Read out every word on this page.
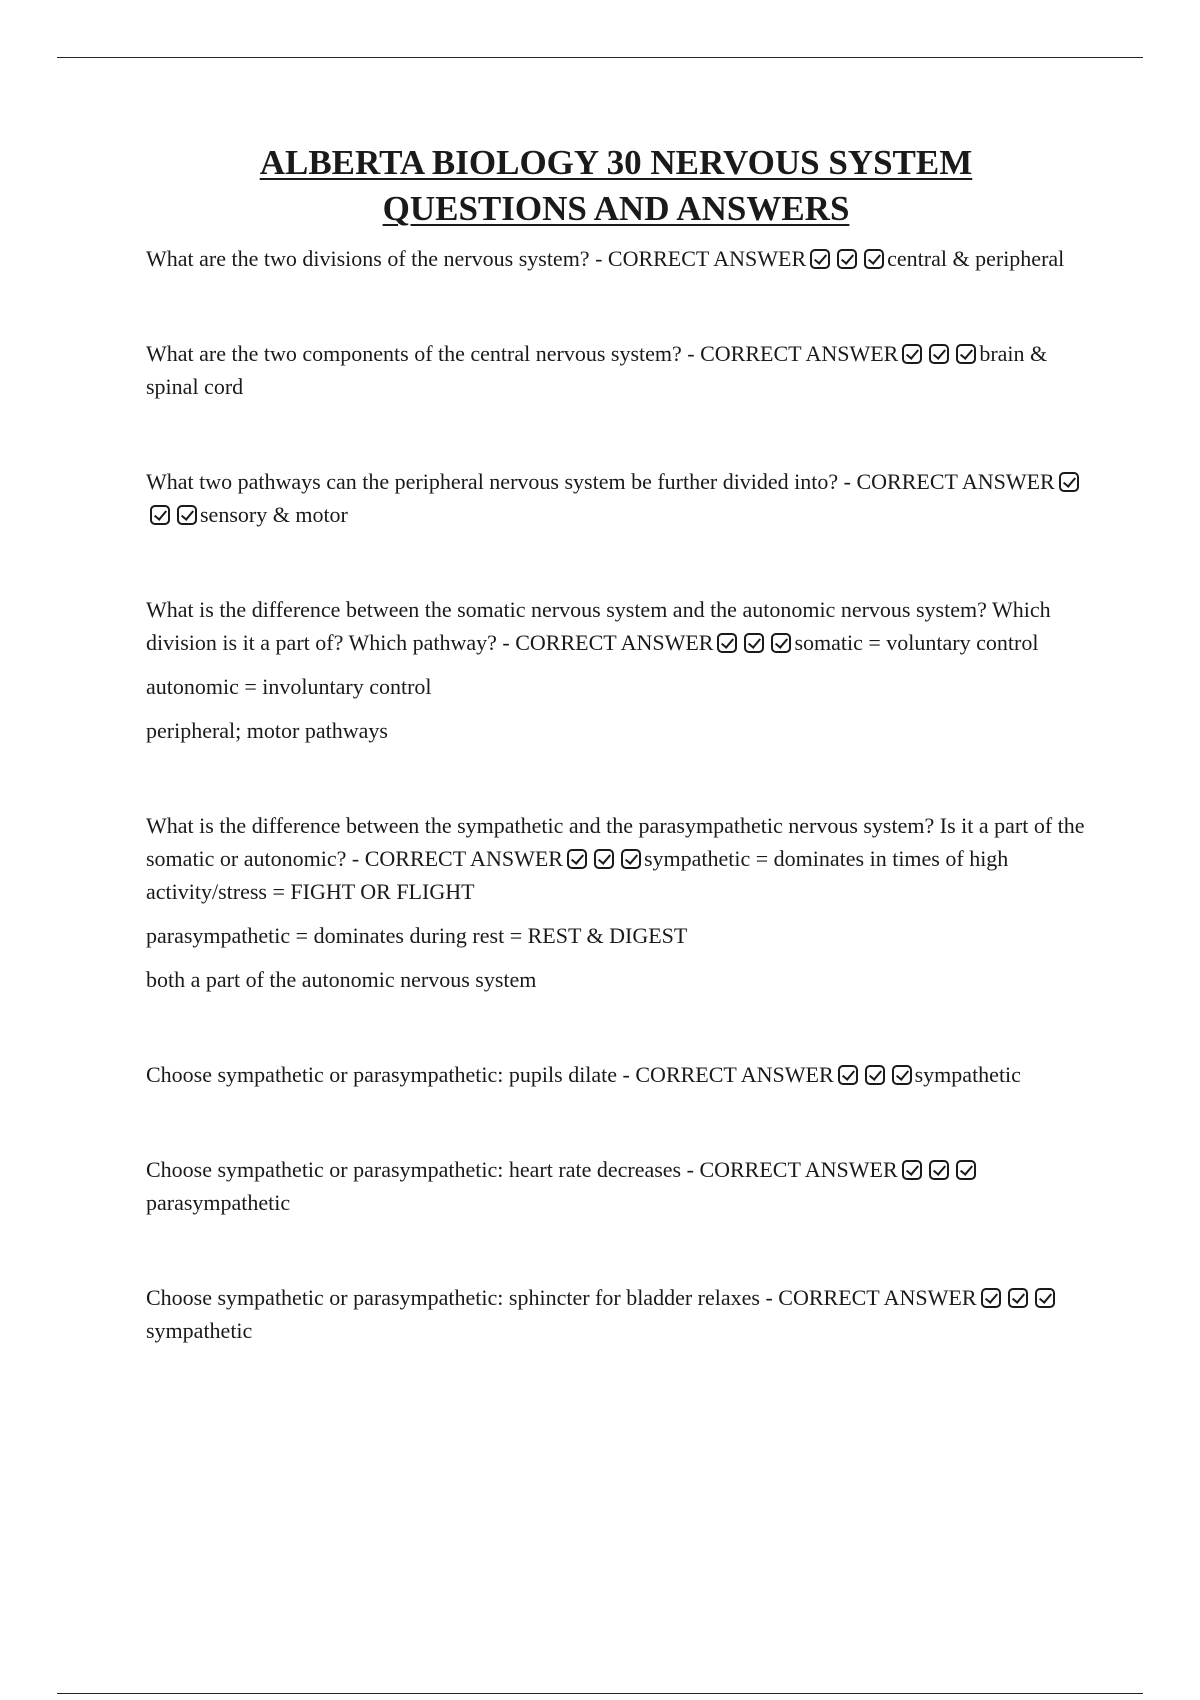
ALBERTA BIOLOGY 30 NERVOUS SYSTEM
QUESTIONS AND ANSWERS

What are the two divisions of the nervous system? - CORRECT ANSWER	central & peripheral

What are the two components of the central nervous system? - CORRECT ANSWER	brain & spinal cord

What two pathways can the peripheral nervous system be further divided into? - CORRECT ANSWERsensory & motor

What is the difference between the somatic nervous system and the autonomic nervous system? Which division is it a part of? Which pathway? - CORRECT ANSWER	somatic = voluntary control

autonomic = involuntary control

peripheral; motor pathways

What is the difference between the sympathetic and the parasympathetic nervous system? Is it a part of the somatic or autonomic? - CORRECT ANSWER	sympathetic = dominates in times of high activity/stress = FIGHT OR FLIGHT

parasympathetic = dominates during rest = REST & DIGEST

both a part of the autonomic nervous system

Choose sympathetic or parasympathetic: pupils dilate - CORRECT ANSWER	sympathetic

Choose sympathetic or parasympathetic: heart rate decreases - CORRECT ANSWERparasympathetic

Choose sympathetic or parasympathetic: sphincter for bladder relaxes - CORRECT ANSWERsympathetic
